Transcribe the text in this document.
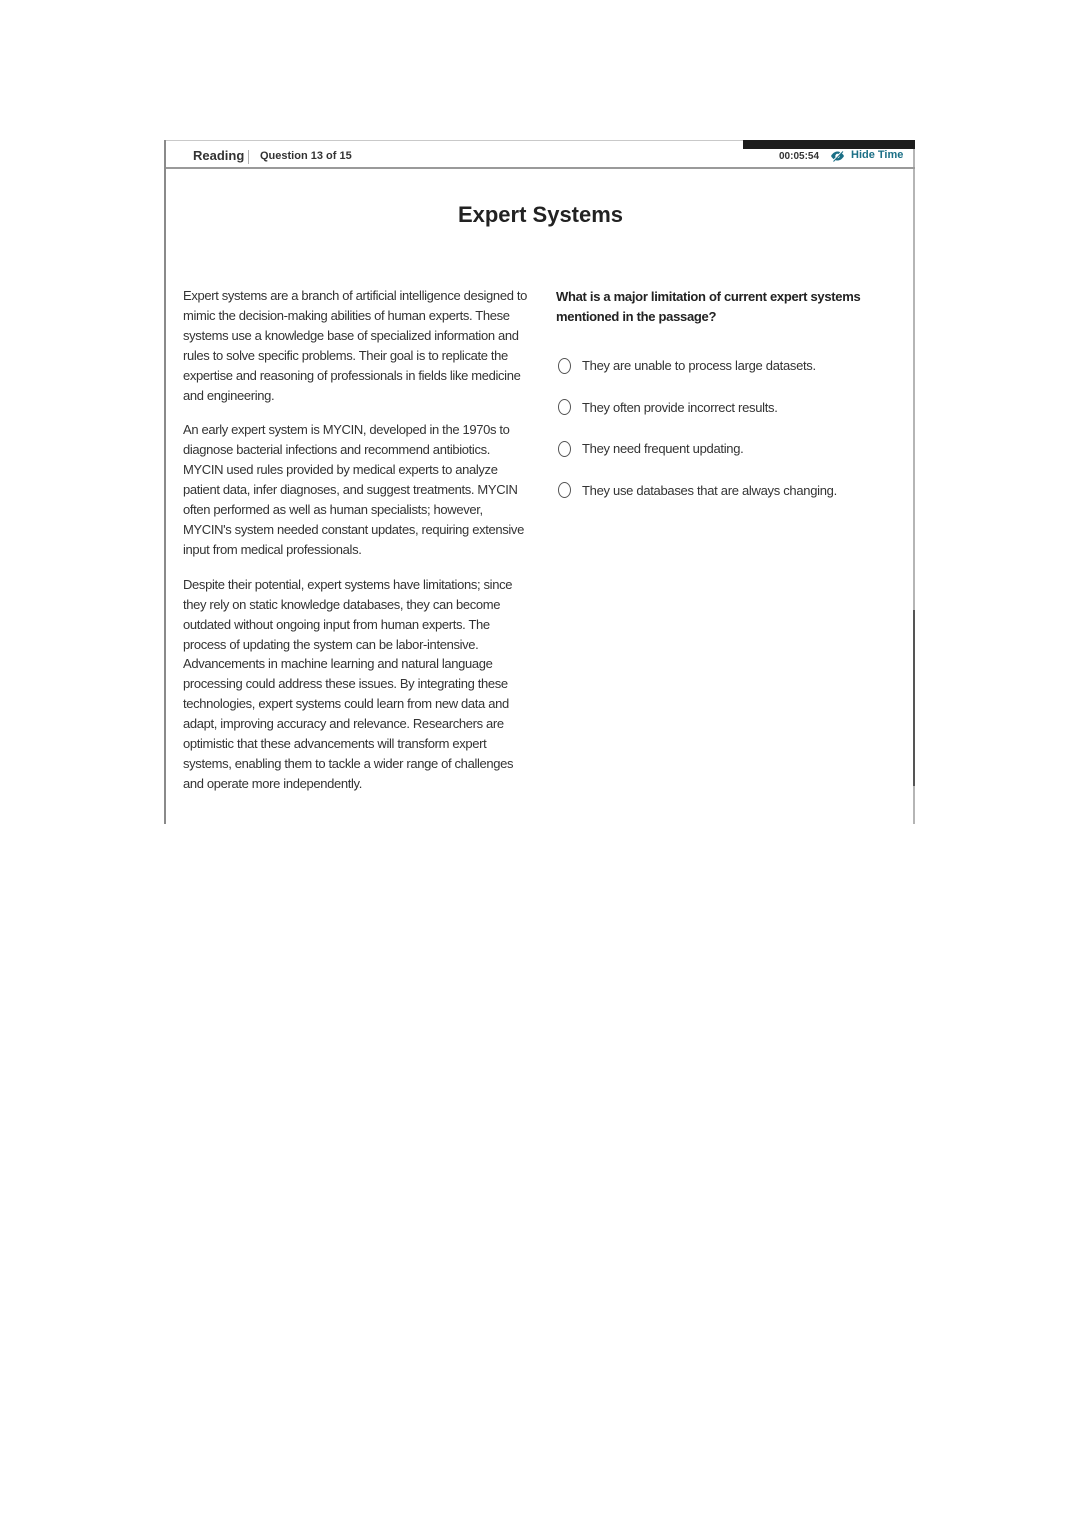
Reading Question 13 of 15	00:05:54	Hide Time
Expert Systems

Expert systems are a branch of artificial intelligence designed to mimic the decision-making abilities of human experts. These systems use a knowledge base of specialized information and rules to solve specific problems. Their goal is to replicate the expertise and reasoning of professionals in fields like medicine and engineering.

An early expert system is MYCIN, developed in the 1970s to diagnose bacterial infections and recommend antibiotics. MYCIN used rules provided by medical experts to analyze patient data, infer diagnoses, and suggest treatments. MYCIN often performed as well as human specialists; however, MYCIN's system needed constant updates, requiring extensive input from medical professionals.

Despite their potential, expert systems have limitations; since they rely on static knowledge databases, they can become outdated without ongoing input from human experts. The process of updating the system can be labor-intensive. Advancements in machine learning and natural language processing could address these issues. By integrating these technologies, expert systems could learn from new data and adapt, improving accuracy and relevance. Researchers are optimistic that these advancements will transform expert systems, enabling them to tackle a wider range of challenges and operate more independently.

What is a major limitation of current expert systems mentioned in the passage?

They are unable to process large datasets.
They often provide incorrect results.
They need frequent updating.
They use databases that are always changing.
